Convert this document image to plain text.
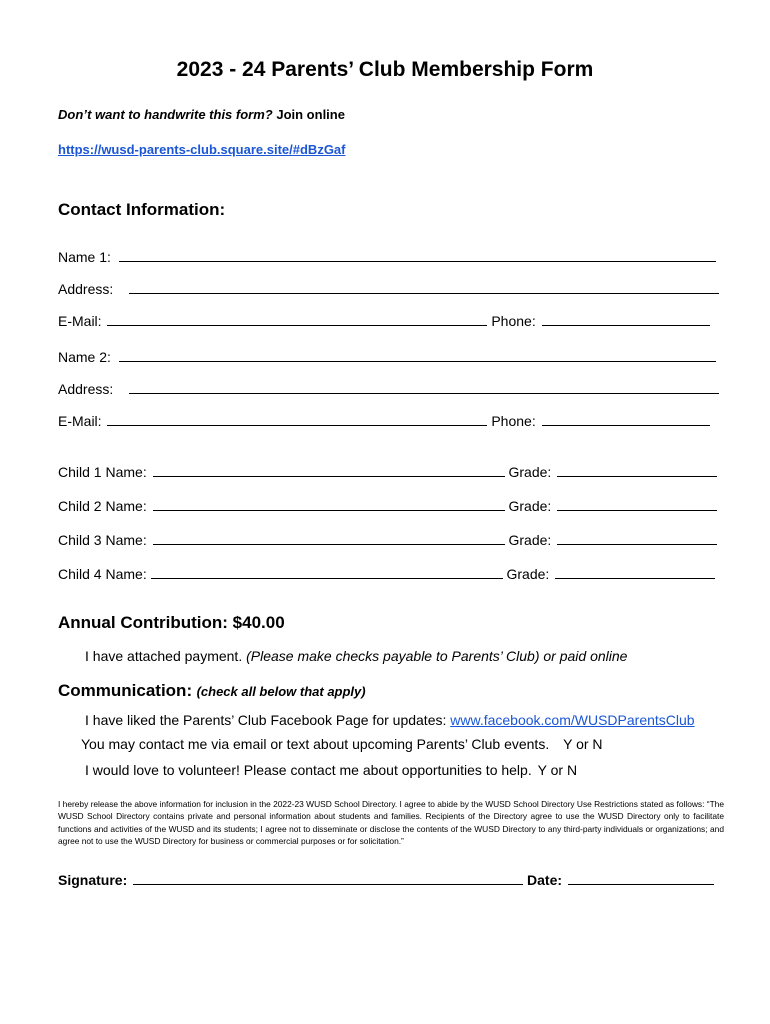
2023 - 24 Parents’ Club Membership Form
Don’t want to handwrite this form? Join online
https://wusd-parents-club.square.site/#dBzGaf
Contact Information:
Name 1:
Address:
E-Mail:	Phone:
Name 2:
Address:
E-Mail:	Phone:
Child 1 Name:	Grade:
Child 2 Name:	Grade:
Child 3 Name:	Grade:
Child 4 Name:	Grade:
Annual Contribution: $40.00
I have attached payment. (Please make checks payable to Parents’ Club) or paid online
Communication: (check all below that apply)
I have liked the Parents’ Club Facebook Page for updates: www.facebook.com/WUSDParentsClub
You may contact me via email or text about upcoming Parents’ Club events. Y or N
I would love to volunteer! Please contact me about opportunities to help. Y or N
I hereby release the above information for inclusion in the 2022-23 WUSD School Directory. I agree to abide by the WUSD School Directory Use Restrictions stated as follows: “The WUSD School Directory contains private and personal information about students and families. Recipients of the Directory agree to use the WUSD Directory only to facilitate functions and activities of the WUSD and its students; I agree not to disseminate or disclose the contents of the WUSD Directory to any third-party individuals or organizations; and agree not to use the WUSD Directory for business or commercial purposes or for solicitation.”
Signature:	Date:
